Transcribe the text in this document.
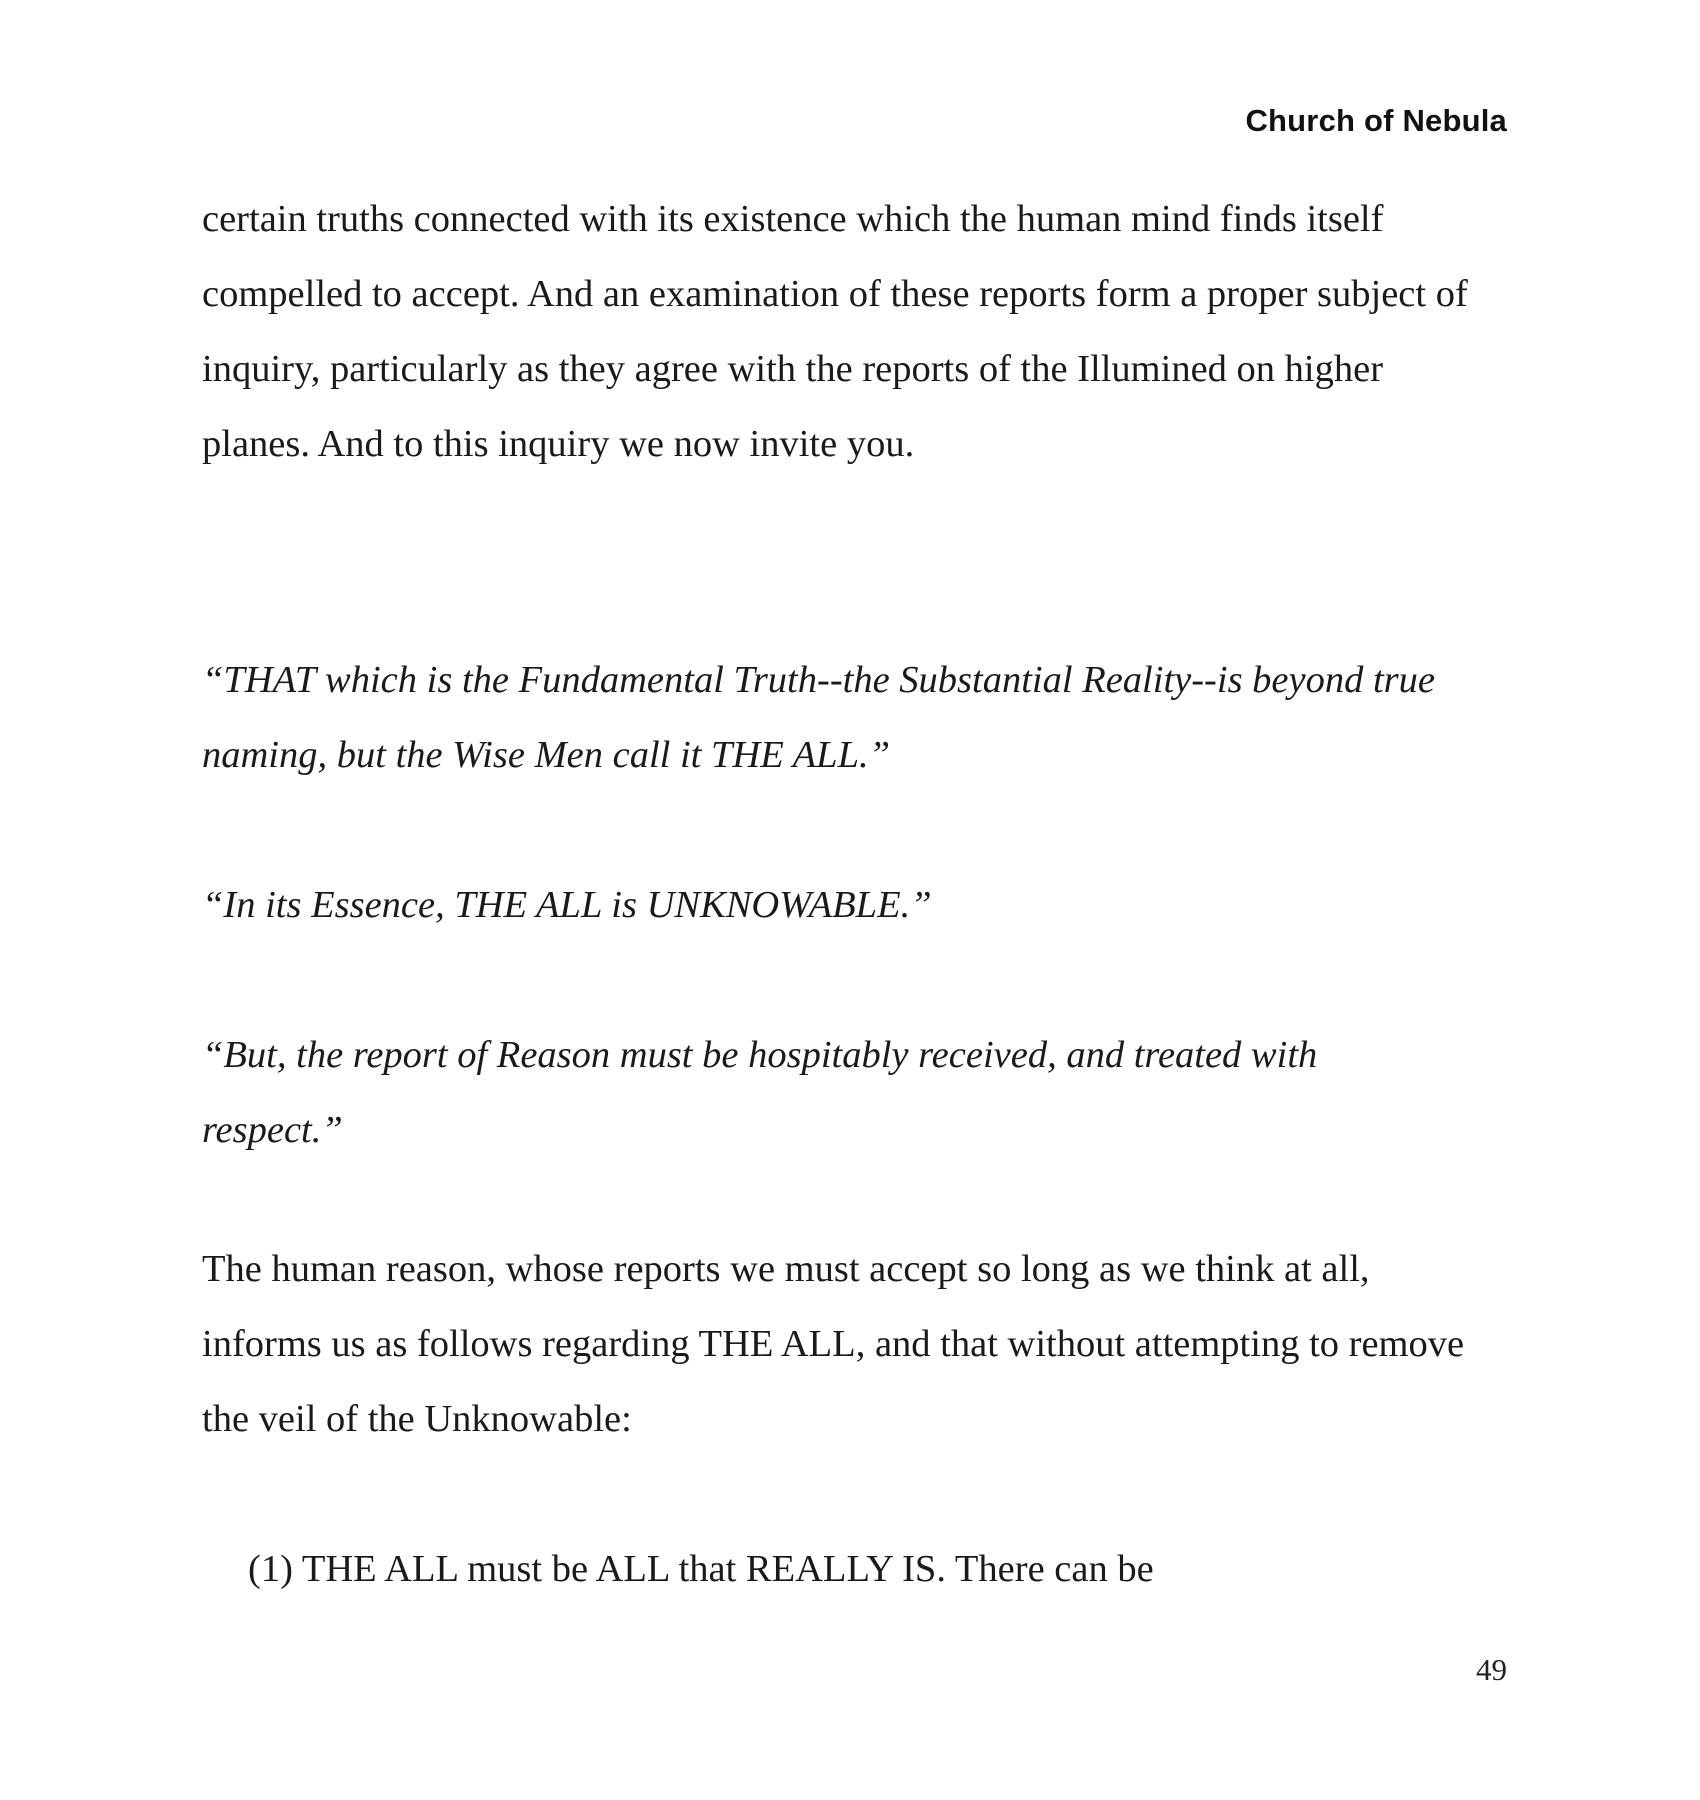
Church of Nebula

certain truths connected with its existence which the human mind finds itself compelled to accept. And an examination of these reports form a proper subject of inquiry, particularly as they agree with the reports of the Illumined on higher planes. And to this inquiry we now invite you.

“THAT which is the Fundamental Truth--the Substantial Reality--is beyond true naming, but the Wise Men call it THE ALL.”

“In its Essence, THE ALL is UNKNOWABLE.”

“But, the report of Reason must be hospitably received, and treated with respect.”

The human reason, whose reports we must accept so long as we think at all, informs us as follows regarding THE ALL, and that without attempting to remove the veil of the Unknowable:

(1) THE ALL must be ALL that REALLY IS. There can be

49
